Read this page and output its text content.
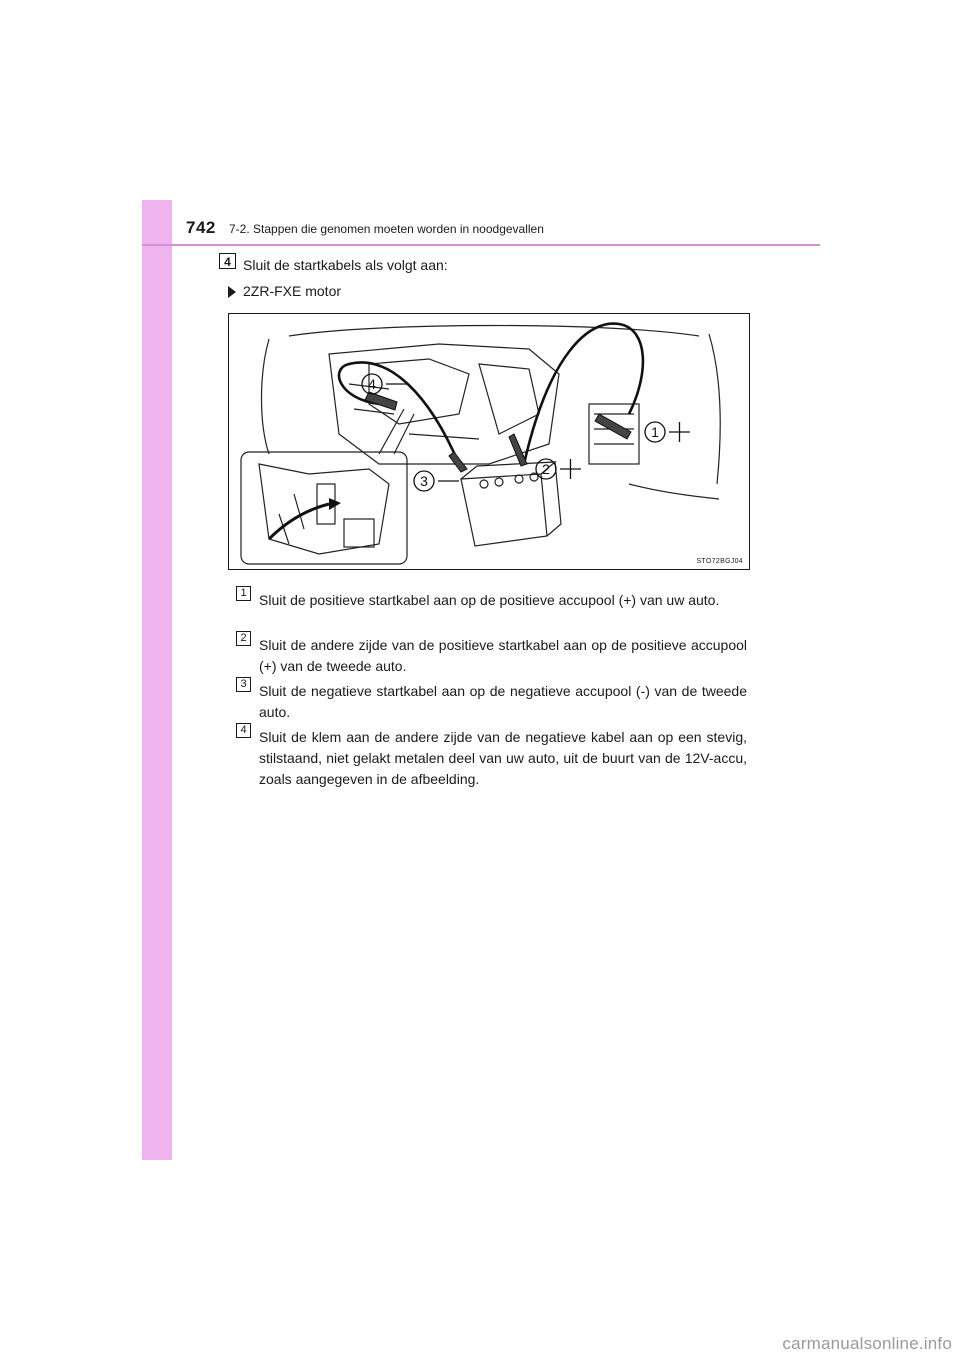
742 7-2. Stappen die genomen moeten worden in noodgevallen
4 Sluit de startkabels als volgt aan:
2ZR-FXE motor
4
3
2
1
STO72BGJ04
1 Sluit de positieve startkabel aan op de positieve accupool (+) van uw auto.
2 Sluit de andere zijde van de positieve startkabel aan op de positieve accupool (+) van de tweede auto.
3 Sluit de negatieve startkabel aan op de negatieve accupool (-) van de tweede auto.
4 Sluit de klem aan de andere zijde van de negatieve kabel aan op een stevig, stilstaand, niet gelakt metalen deel van uw auto, uit de buurt van de 12V-accu, zoals aangegeven in de afbeelding.
carmanualsonline.info
